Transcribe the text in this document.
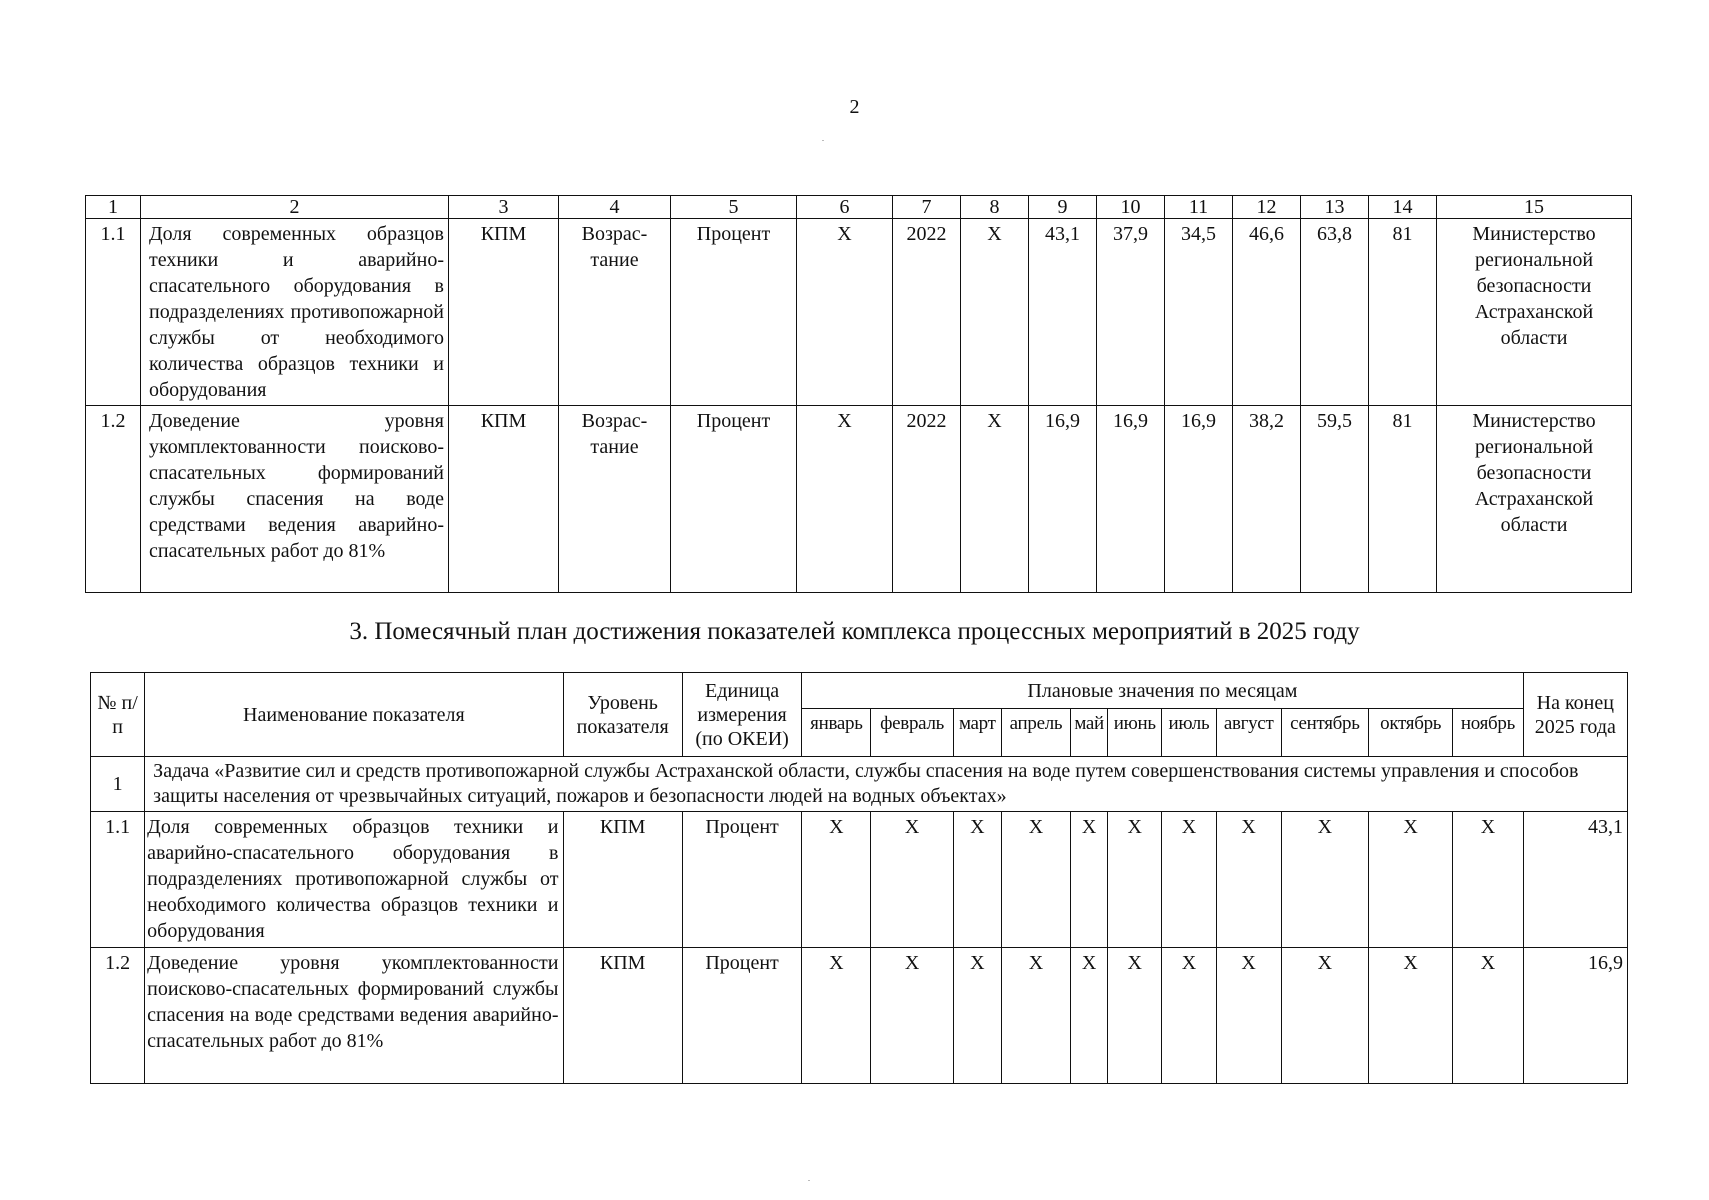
2
1	2	3	4	5	6	7	8	9	10	11	12	13	14	15
1.1	Доля современных образцов техники и аварийно-спасательного оборудования в подразделениях противопожарной службы от необходимого количества образцов техники и оборудования	КПМ	Возрас-тание	Процент	Х	2022	Х	43,1	37,9	34,5	46,6	63,8	81	Министерство региональной безопасности Астраханской области
1.2	Доведение уровня укомплектованности поисково-спасательных формирований службы спасения на воде средствами ведения аварийно-спасательных работ до 81%	КПМ	Возрас-тание	Процент	Х	2022	Х	16,9	16,9	16,9	38,2	59,5	81	Министерство региональной безопасности Астраханской области
3. Помесячный план достижения показателей комплекса процессных мероприятий в 2025 году
№ п/п	Наименование показателя	Уровень показателя	Единица измерения (по ОКЕИ)	Плановые значения по месяцам											На конец 2025 года
				январь	февраль	март	апрель	май	июнь	июль	август	сентябрь	октябрь	ноябрь	
1	Задача «Развитие сил и средств противопожарной службы Астраханской области, службы спасения на воде путем совершенствования системы управления и способов защиты населения от чрезвычайных ситуаций, пожаров и безопасности людей на водных объектах»														
1.1	Доля современных образцов техники и аварийно-спасательного оборудования в подразделениях противопожарной службы от необходимого количества образцов техники и оборудования	КПМ	Процент	Х	Х	Х	Х	Х	Х	Х	Х	Х	Х	Х	43,1
1.2	Доведение уровня укомплектованности поисково-спасательных формирований службы спасения на воде средствами ведения аварийно-спасательных работ до 81%	КПМ	Процент	Х	Х	Х	Х	Х	Х	Х	Х	Х	Х	Х	16,9
